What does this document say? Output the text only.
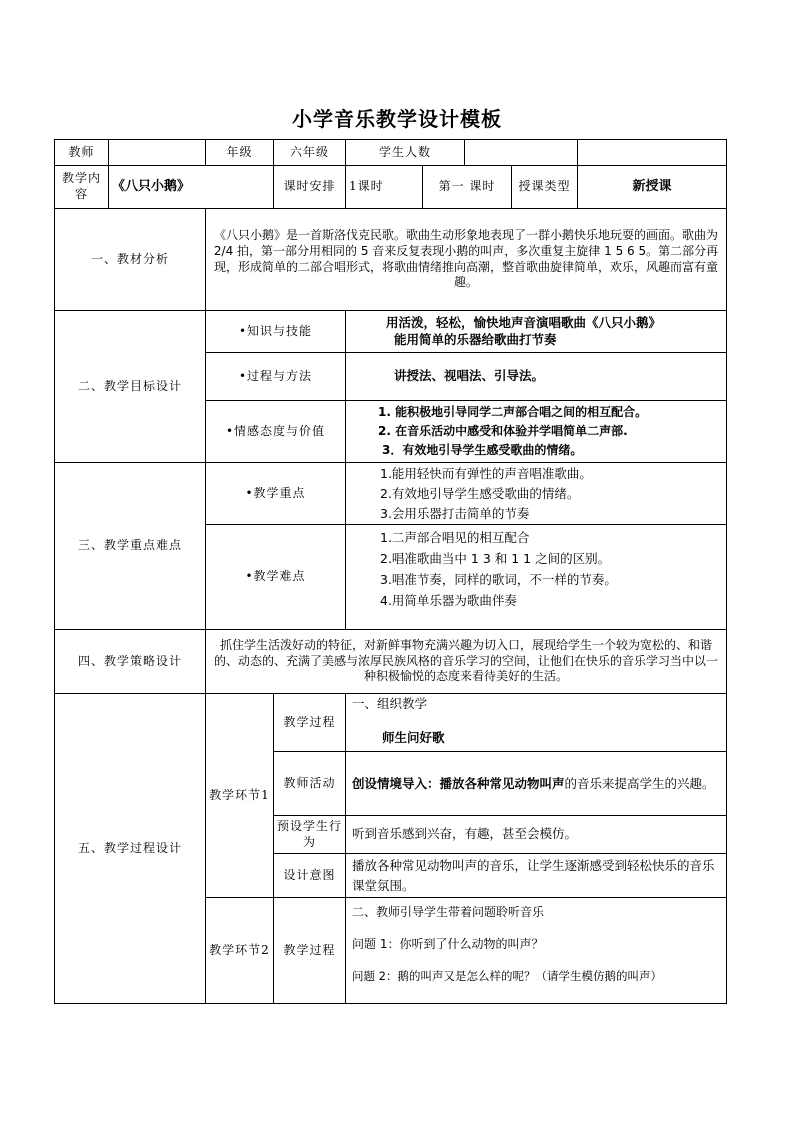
小学音乐教学设计模板
教师		年级	六年级	学生人数				
教学内容	《八只小鹅》		课时安排	1课时	第一 课时		授课类型	新授课
一、教材分析		《八只小鹅》是一首斯洛伐克民歌。歌曲生动形象地表现了一群小鹅快乐地玩耍的画面。歌曲为 2/4 拍，第一部分用相同的 5 音来反复表现小鹅的叫声，多次重复主旋律 1 5 6 5。第二部分再现，形成简单的二部合唱形式，将歌曲情绪推向高潮，整首歌曲旋律简单，欢乐，风趣而富有童趣。						
二、教学目标设计		•知识与技能		用活泼，轻松，愉快地声音演唱歌曲《八只小鹅》
能用简单的乐器给歌曲打节奏				

		•过程与方法		讲授法、视唱法、引导法。				
		•情感态度与价值		1. 能积极地引导同学二声部合唱之间的相互配合。
2. 在音乐活动中感受和体验并学唱简单二声部.
3．有效地引导学生感受歌曲的情绪。				

三、教学重点难点		•教学重点		1.能用轻快而有弹性的声音唱准歌曲。
2.有效地引导学生感受歌曲的情绪。
3.会用乐器打击简单的节奏				

		•教学难点		1.二声部合唱见的相互配合
2.唱准歌曲当中 1 3 和 1 1 之间的区别。
3.唱准节奏，同样的歌词，不一样的节奏。
4.用简单乐器为歌曲伴奏				

四、教学策略设计		抓住学生活泼好动的特征，对新鲜事物充满兴趣为切入口，展现给学生一个较为宽松的、和谐的、动态的、充满了美感与浓厚民族风格的音乐学习的空间，让他们在快乐的音乐学习当中以一种积极愉悦的态度来看待美好的生活。						
五、教学过程设计		教学环节1	教学过程	一、组织教学
师生问好歌				

			教师活动	创设情境导入：播放各种常见动物叫声的音乐来提高学生的兴趣。				
			预设学生行为	听到音乐感到兴奋，有趣，甚至会模仿。				
			设计意图	播放各种常见动物叫声的音乐，让学生逐渐感受到轻松快乐的音乐课堂氛围。				
		教学环节2	教学过程	二、教师引导学生带着问题聆听音乐
问题 1：你听到了什么动物的叫声？
问题 2：鹅的叫声又是怎么样的呢？（请学生模仿鹅的叫声）				
